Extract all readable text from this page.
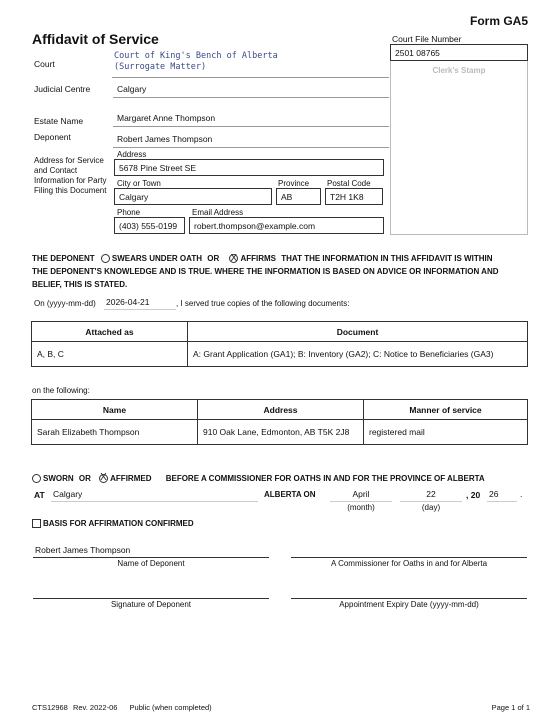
Form GA5
Affidavit of Service	Court File Number
2501 08765
Clerk's Stamp
Court
Court of King's Bench of Alberta
(Surrogate Matter)
Judicial Centre	Calgary
Estate Name	Margaret Anne Thompson
Deponent	Robert James Thompson
Address for Service
and Contact
Information for Party
Filing this Document
Address
5678 Pine Street SE
City or Town
Calgary
Province
AB
Postal Code
T2H 1K8
Phone
(403) 555-0199
Email Address
robert.thompson@example.com
THE DEPONENT SWEARS UNDER OATH OR X	AFFIRMS THAT THE INFORMATION IN THIS AFFIDAVIT IS WITHIN
THE DEPONENT'S KNOWLEDGE AND IS TRUE. WHERE THE INFORMATION IS BASED ON ADVICE OR INFORMATION AND
BELIEF, THIS IS STATED.
On (yyyy-mm-dd) 2026-04-21	, I served true copies of the following documents:
Attached as	Document
A, B, C	A: Grant Application (GA1); B: Inventory (GA2); C: Notice to Beneficiaries (GA3)
on the following:
Name	Address	Manner of service
Sarah Elizabeth Thompson	910 Oak Lane, Edmonton, AB T5K 2J8	registered mail
SWORN OR X AFFIRMED BEFORE A COMMISSIONER FOR OATHS IN AND FOR THE PROVINCE OF ALBERTA
AT Calgary	ALBERTA ON	April
(month)
22
(day)
, 20 26	.
BASIS FOR AFFIRMATION CONFIRMED
Robert James Thompson
Name of Deponent	A Commissioner for Oaths in and for Alberta
Signature of Deponent	Appointment Expiry Date (yyyy-mm-dd)
CTS12968 Rev. 2022-06 Public (when completed)	Page 1 of 1
